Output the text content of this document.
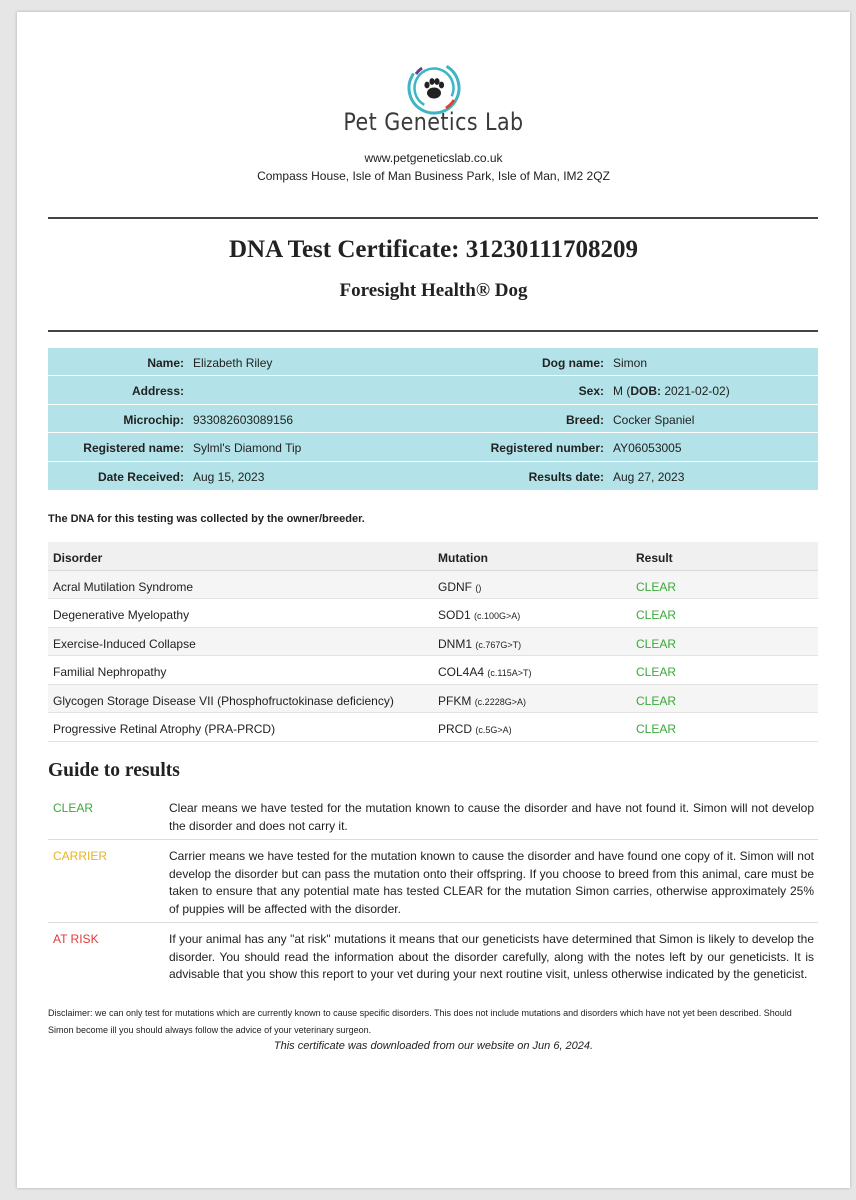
Pet Genetics Lab
www.petgeneticslab.co.uk
Compass House, Isle of Man Business Park, Isle of Man, IM2 2QZ
DNA Test Certificate: 31230111708209
Foresight Health® Dog
Name: Elizabeth Riley	Dog name: Simon
Address:	Sex: M (DOB: 2021-02-02)
Microchip: 933082603089156	Breed: Cocker Spaniel
Registered name: Sylml's Diamond Tip	Registered number: AY06053005
Date Received: Aug 15, 2023	Results date: Aug 27, 2023
The DNA for this testing was collected by the owner/breeder.
Disorder	Mutation	Result
Acral Mutilation Syndrome	GDNF ()	CLEAR
Degenerative Myelopathy	SOD1 (c.100G>A)	CLEAR
Exercise-Induced Collapse	DNM1 (c.767G>T)	CLEAR
Familial Nephropathy	COL4A4 (c.115A>T)	CLEAR
Glycogen Storage Disease VII (Phosphofructokinase deficiency)	PFKM (c.2228G>A)	CLEAR
Progressive Retinal Atrophy (PRA-PRCD)	PRCD (c.5G>A)	CLEAR
Guide to results
CLEAR	Clear means we have tested for the mutation known to cause the disorder and have not found it. Simon will not develop the disorder and does not carry it.
CARRIER	Carrier means we have tested for the mutation known to cause the disorder and have found one copy of it. Simon will not develop the disorder but can pass the mutation onto their offspring. If you choose to breed from this animal, care must be taken to ensure that any potential mate has tested CLEAR for the mutation Simon carries, otherwise approximately 25% of puppies will be affected with the disorder.
AT RISK	If your animal has any "at risk" mutations it means that our geneticists have determined that Simon is likely to develop the disorder. You should read the information about the disorder carefully, along with the notes left by our geneticists. It is advisable that you show this report to your vet during your next routine visit, unless otherwise indicated by the geneticist.
Disclaimer: we can only test for mutations which are currently known to cause specific disorders. This does not include mutations and disorders which have not yet been described. Should Simon become ill you should always follow the advice of your veterinary surgeon.
This certificate was downloaded from our website on Jun 6, 2024.
